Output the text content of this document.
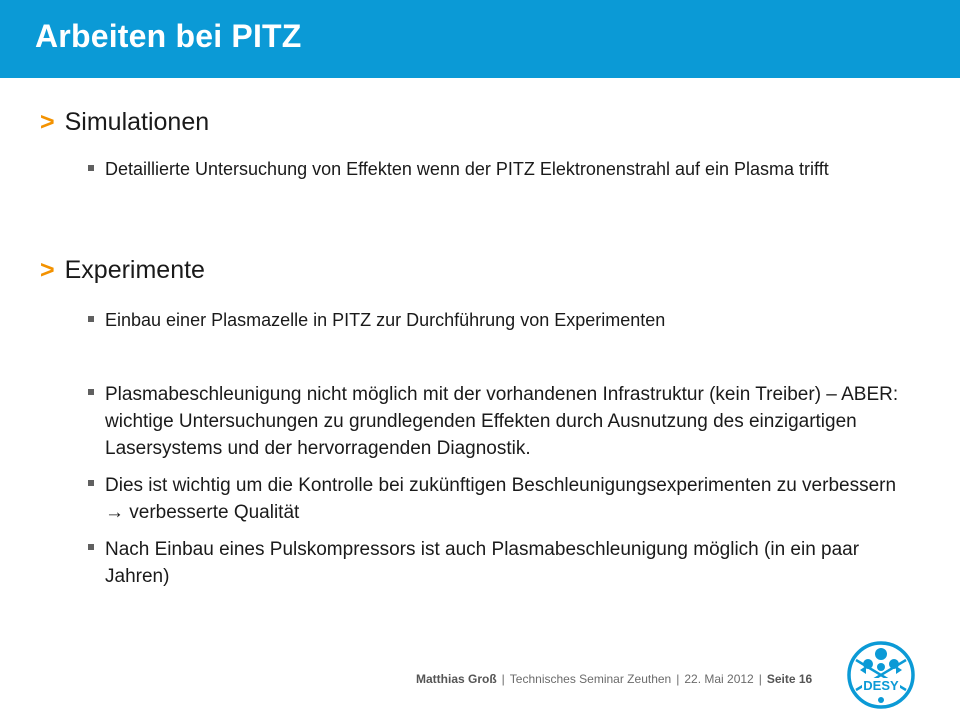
Arbeiten bei PITZ
> Simulationen
Detaillierte Untersuchung von Effekten wenn der PITZ Elektronenstrahl auf ein Plasma trifft
> Experimente
Einbau einer Plasmazelle in PITZ zur Durchführung von Experimenten
Plasmabeschleunigung nicht möglich mit der vorhandenen Infrastruktur (kein Treiber) – ABER: wichtige Untersuchungen zu grundlegenden Effekten durch Ausnutzung des einzigartigen Lasersystems und der hervorragenden Diagnostik.
Dies ist wichtig um die Kontrolle bei zukünftigen Beschleunigungsexperimenten zu verbessern → verbesserte Qualität
Nach Einbau eines Pulskompressors ist auch Plasmabeschleunigung möglich (in ein paar Jahren)
Matthias Groß | Technisches Seminar Zeuthen | 22. Mai 2012 | Seite 16	DESY
